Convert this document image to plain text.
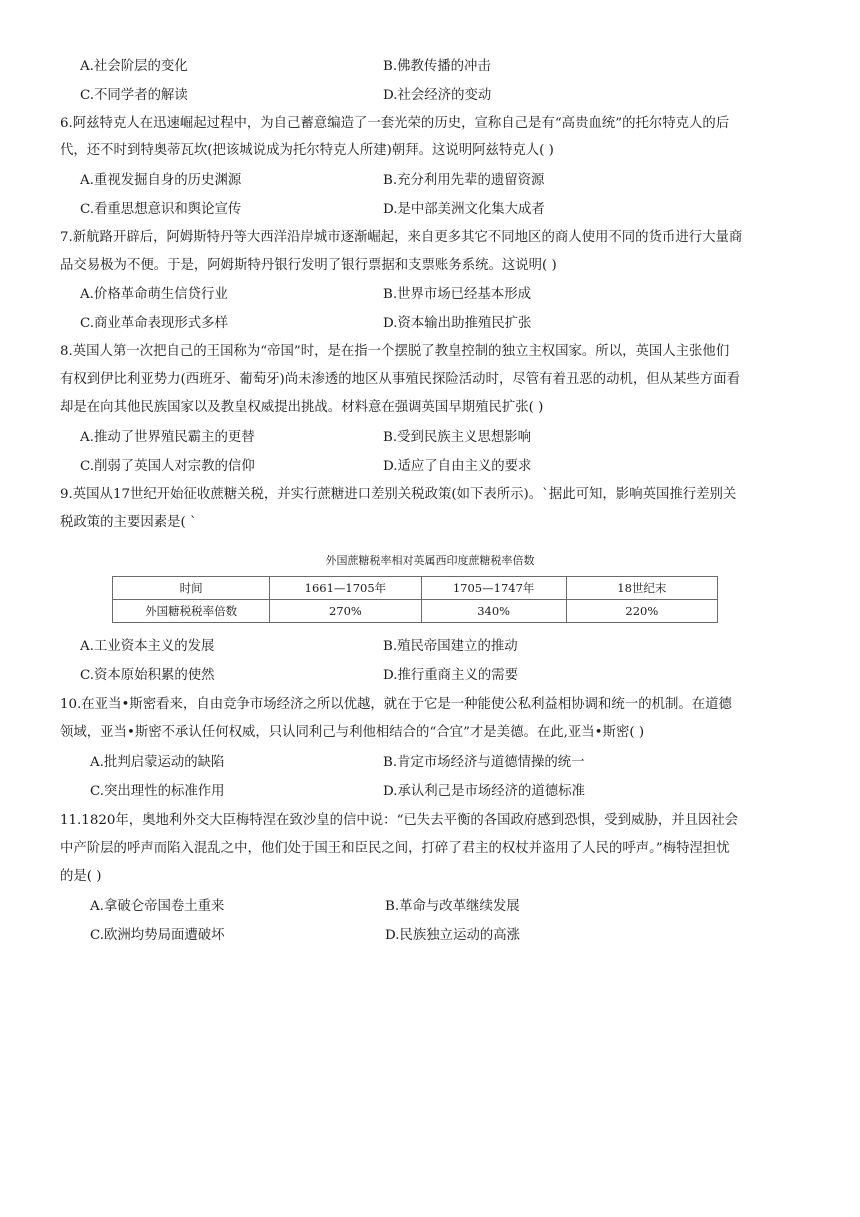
A.社会阶层的变化	B.佛教传播的冲击
C.不同学者的解读	D.社会经济的变动
6.阿兹特克人在迅速崛起过程中，为自己蓄意编造了一套光荣的历史，宣称自己是有“高贵血统”的托尔特克人的后
代，还不时到特奥蒂瓦坎(把该城说成为托尔特克人所建)朝拜。这说明阿兹特克人( )
A.重视发掘自身的历史渊源	B.充分利用先辈的遗留资源
C.看重思想意识和舆论宣传	D.是中部美洲文化集大成者
7.新航路开辟后，阿姆斯特丹等大西洋沿岸城市逐渐崛起，来自更多其它不同地区的商人使用不同的货币进行大量商
品交易极为不便。于是，阿姆斯特丹银行发明了银行票据和支票账务系统。这说明( )
A.价格革命萌生信贷行业	B.世界市场已经基本形成
C.商业革命表现形式多样	D.资本输出助推殖民扩张
8.英国人第一次把自己的王国称为“帝国”时，是在指一个摆脱了教皇控制的独立主权国家。所以，英国人主张他们
有权到伊比利亚势力(西班牙、葡萄牙)尚未渗透的地区从事殖民探险活动时，尽管有着丑恶的动机，但从某些方面看
却是在向其他民族国家以及教皇权威提出挑战。材料意在强调英国早期殖民扩张( )
A.推动了世界殖民霸主的更替	B.受到民族主义思想影响
C.削弱了英国人对宗教的信仰	D.适应了自由主义的要求
9.英国从17世纪开始征收蔗糖关税，并实行蔗糖进口差别关税政策(如下表所示)。`据此可知，影响英国推行差别关
税政策的主要因素是( `
外国蔗糖税率相对英属西印度蔗糖税率倍数
时间	1661—1705年	1705—1747年	18世纪末
外国糖税税率倍数	270%	340%	220%
A.工业资本主义的发展	B.殖民帝国建立的推动
C.资本原始积累的使然	D.推行重商主义的需要
10.在亚当•斯密看来，自由竞争市场经济之所以优越，就在于它是一种能使公私利益相协调和统一的机制。在道德
领域，亚当•斯密不承认任何权威，只认同利己与利他相结合的“合宜”才是美德。在此,亚当•斯密( )
A.批判启蒙运动的缺陷	B.肯定市场经济与道德情操的统一
C.突出理性的标准作用	D.承认利己是市场经济的道德标准
11.1820年，奥地利外交大臣梅特涅在致沙皇的信中说：“已失去平衡的各国政府感到恐惧，受到威胁，并且因社会
中产阶层的呼声而陷入混乱之中，他们处于国王和臣民之间，打碎了君主的权杖并盗用了人民的呼声。”梅特涅担忧
的是( )
A.拿破仑帝国卷土重来	B.革命与改革继续发展
C.欧洲均势局面遭破坏	D.民族独立运动的高涨
